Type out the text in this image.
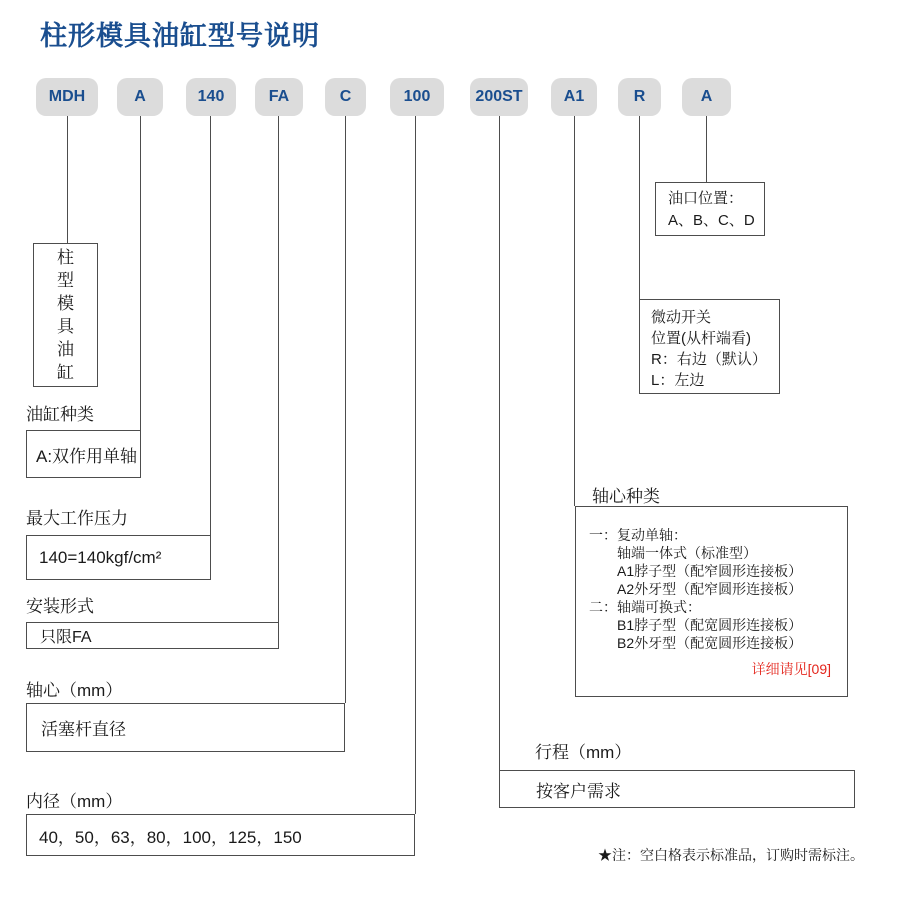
柱形模具油缸型号说明
MDH	A	140	FA	C	100	200ST	A1	R	A
柱型模具油缸
油缸种类
A:双作用单轴
最大工作压力
140=140kgf/cm²
安装形式
只限FA
轴心（mm）
活塞杆直径
内径（mm）
40，50，63，80，100，125，150
行程（mm）
按客户需求
轴心种类
一：复动单轴：
　　轴端一体式（标准型）
　　A1脖子型（配窄圆形连接板）
　　A2外牙型（配窄圆形连接板）
二：轴端可换式：
　　B1脖子型（配宽圆形连接板）
　　B2外牙型（配宽圆形连接板）
详细请见[09]
微动开关
位置(从杆端看)
R：右边（默认）
L：左边
油口位置：
A、B、C、D
★注：空白格表示标准品，订购时需标注。
